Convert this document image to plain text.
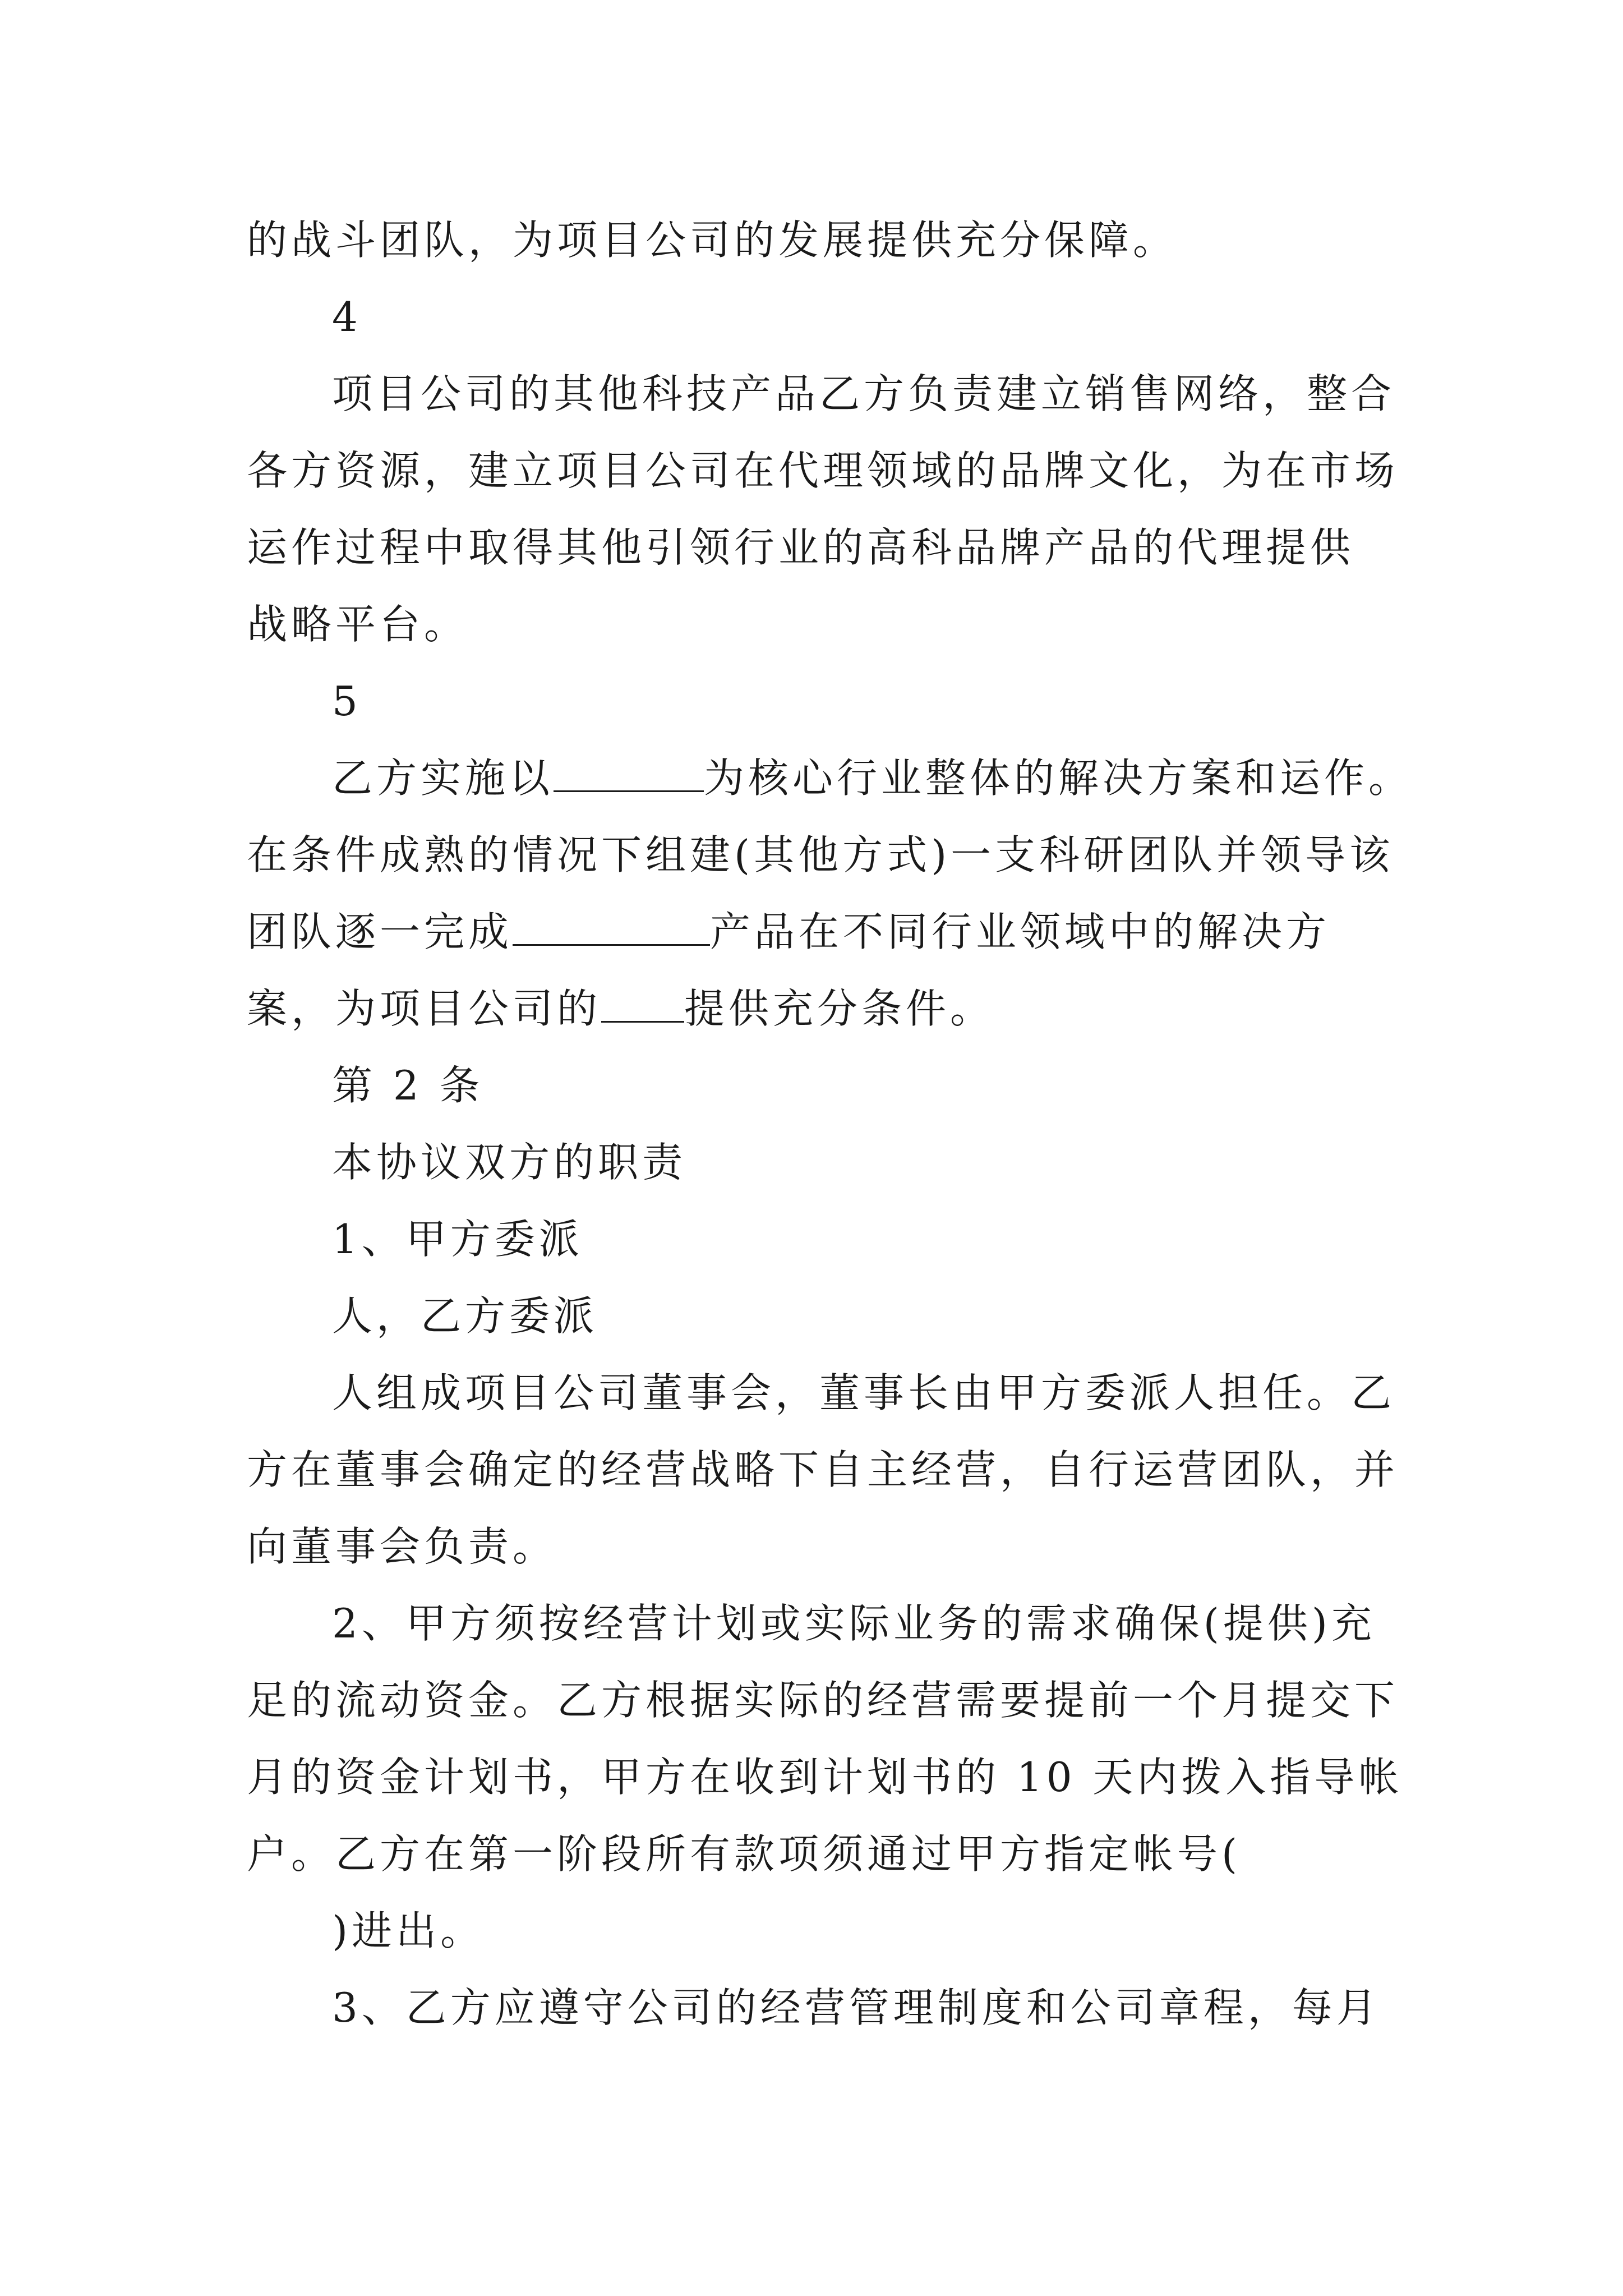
的战斗团队，为项目公司的发展提供充分保障。

4

项目公司的其他科技产品乙方负责建立销售网络，整合

各方资源，建立项目公司在代理领域的品牌文化，为在市场

运作过程中取得其他引领行业的高科品牌产品的代理提供

战略平台。

5

乙方实施以	为核心行业整体的解决方案和运作。

在条件成熟的情况下组建(其他方式)一支科研团队并领导该

团队逐一完成	产品在不同行业领域中的解决方

案，为项目公司的 提供充分条件。

第 2 条

本协议双方的职责

1、甲方委派

人，乙方委派

人组成项目公司董事会，董事长由甲方委派人担任。乙

方在董事会确定的经营战略下自主经营，自行运营团队，并

向董事会负责。

2、甲方须按经营计划或实际业务的需求确保(提供)充

足的流动资金。乙方根据实际的经营需要提前一个月提交下

月的资金计划书，甲方在收到计划书的 10 天内拨入指导帐

户。乙方在第一阶段所有款项须通过甲方指定帐号(

)进出。

3、乙方应遵守公司的经营管理制度和公司章程，每月
